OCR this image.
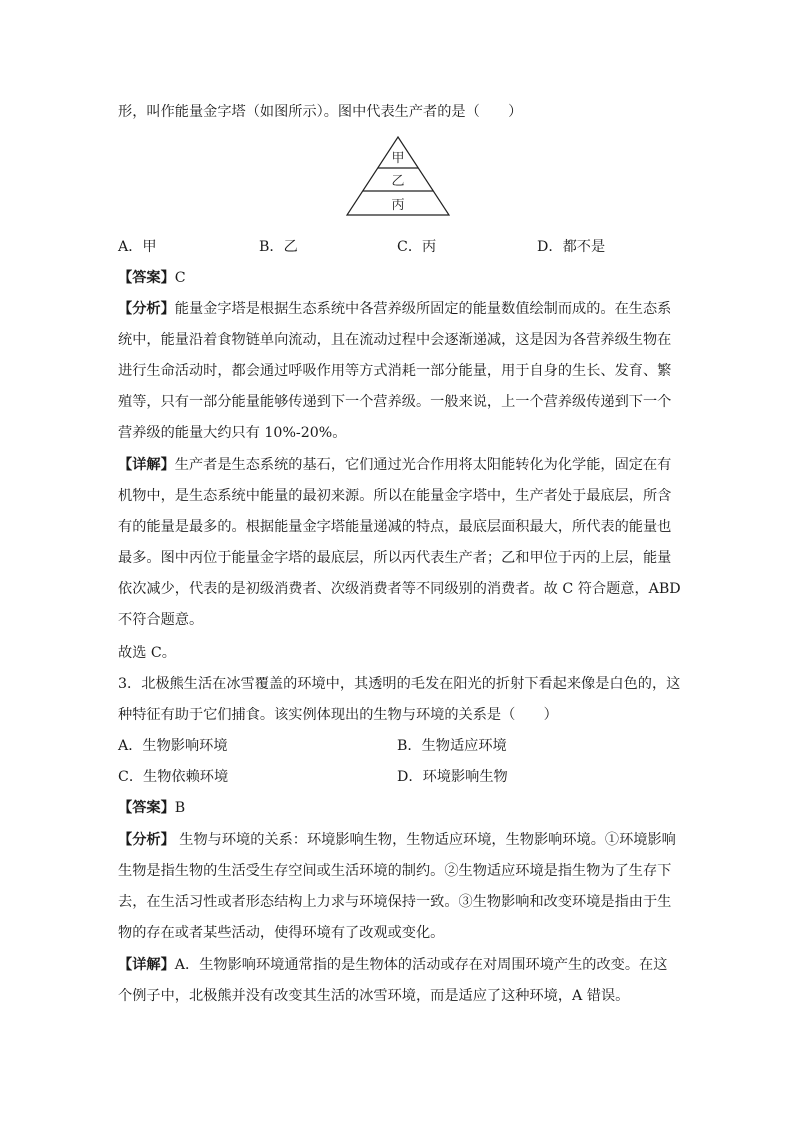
形，叫作能量金字塔（如图所示）。图中代表生产者的是（　　）
甲
乙
丙
A．甲	B．乙	C．丙	D．都不是
【答案】C
【分析】能量金字塔是根据生态系统中各营养级所固定的能量数值绘制而成的。在生态系
统中，能量沿着食物链单向流动，且在流动过程中会逐渐递减，这是因为各营养级生物在
进行生命活动时，都会通过呼吸作用等方式消耗一部分能量，用于自身的生长、发育、繁
殖等，只有一部分能量能够传递到下一个营养级。一般来说，上一个营养级传递到下一个
营养级的能量大约只有 10%-20%。
【详解】生产者是生态系统的基石，它们通过光合作用将太阳能转化为化学能，固定在有
机物中，是生态系统中能量的最初来源。所以在能量金字塔中，生产者处于最底层，所含
有的能量是最多的。根据能量金字塔能量递减的特点，最底层面积最大，所代表的能量也
最多。图中丙位于能量金字塔的最底层，所以丙代表生产者；乙和甲位于丙的上层，能量
依次减少，代表的是初级消费者、次级消费者等不同级别的消费者。故 C 符合题意，ABD
不符合题意。
故选 C。
3．北极熊生活在冰雪覆盖的环境中，其透明的毛发在阳光的折射下看起来像是白色的，这
种特征有助于它们捕食。该实例体现出的生物与环境的关系是（　　）
A．生物影响环境	B．生物适应环境
C．生物依赖环境	D．环境影响生物
【答案】B
【分析】 生物与环境的关系：环境影响生物，生物适应环境，生物影响环境。①环境影响
生物是指生物的生活受生存空间或生活环境的制约。②生物适应环境是指生物为了生存下
去，在生活习性或者形态结构上力求与环境保持一致。③生物影响和改变环境是指由于生
物的存在或者某些活动，使得环境有了改观或变化。
【详解】A．生物影响环境通常指的是生物体的活动或存在对周围环境产生的改变。在这
个例子中，北极熊并没有改变其生活的冰雪环境，而是适应了这种环境，A 错误。
